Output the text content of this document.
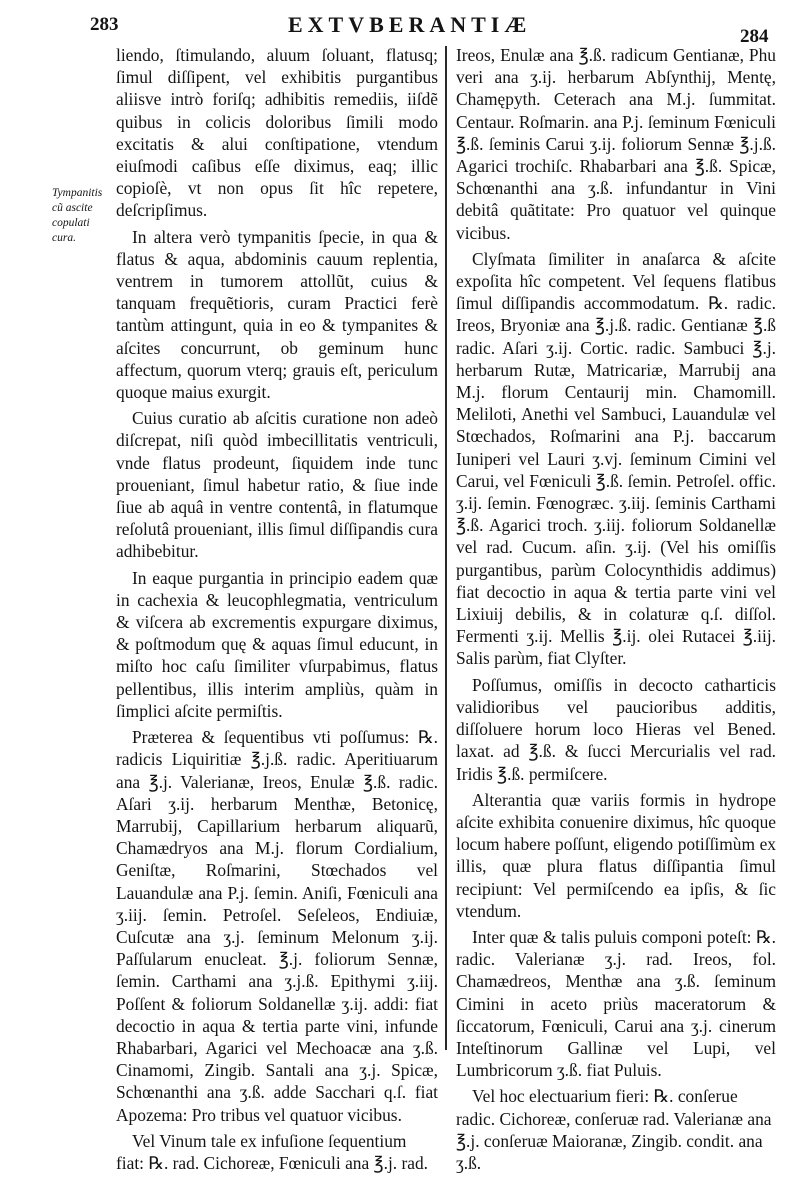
283	EXTVBERANTIÆ	284
Tympanitis cũ ascite copulati cura.

liendo, ſtimulando, aluum ſoluant, flatusq; ſimul diſſipent, vel exhibitis purgantibus aliisve intrò foriſq; adhibitis remediis, iiſdẽ quibus in colicis doloribus ſimili modo excitatis & alui conſtipatione, vtendum eiuſmodi caſibus eſſe diximus, eaq; illic copioſè, vt non opus ſit hîc repetere, deſcripſimus.

In altera verò tympanitis ſpecie, in qua & flatus & aqua, abdominis cauum replentia, ventrem in tumorem attollũt, cuius & tanquam frequẽtioris, curam Practici ferè tantùm attingunt, quia in eo & tympanites & aſcites concurrunt, ob geminum hunc affectum, quorum vterq; grauis eſt, periculum quoque maius exurgit.

Cuius curatio ab aſcitis curatione non adeò diſcrepat, niſi quòd imbecillitatis ventriculi, vnde flatus prodeunt, ſiquidem inde tunc proueniant, ſimul habetur ratio, & ſiue inde ſiue ab aquâ in ventre contentâ, in flatumque reſolutâ proueniant, illis ſimul diſſipandis cura adhibebitur.

In eaque purgantia in principio eadem quæ in cachexia & leucophlegmatia, ventriculum & viſcera ab excrementis expurgare diximus, & poſtmodum quę & aquas ſimul educunt, in miſto hoc caſu ſimiliter vſurpabimus, flatus pellentibus, illis interim ampliùs, quàm in ſimplici aſcite permiſtis.

Præterea & ſequentibus vti poſſumus: ℞. radicis Liquiritiæ ℥.j.ß. radic. Aperitiuarum ana ℥.j. Valerianæ, Ireos, Enulæ ℥.ß. radic. Aſari ʒ.ij. herbarum Menthæ, Betonicę, Marrubij, Capillarium herbarum aliquarũ, Chamædryos ana M.j. florum Cordialium, Geniſtæ, Roſmarini, Stœchados vel Lauandulæ ana P.j. ſemin. Aniſi, Fœniculi ana ʒ.iij. ſemin. Petroſel. Seſeleos, Endiuiæ, Cuſcutæ ana ʒ.j. ſeminum Melonum ʒ.ij. Paſſularum enucleat. ℥.j. foliorum Sennæ, ſemin. Carthami ana ʒ.j.ß. Epithymi ʒ.iij. Poſſent & foliorum Soldanellæ ʒ.ij. addi: fiat decoctio in aqua & tertia parte vini, infunde Rhabarbari, Agarici vel Mechoacæ ana ʒ.ß. Cinamomi, Zingib. Santali ana ʒ.j. Spicæ, Schœnanthi ana ʒ.ß. adde Sacchari q.ſ. fiat Apozema: Pro tribus vel quatuor vicibus.

Vel Vinum tale ex infuſione ſequentium fiat: ℞. rad. Cichoreæ, Fœniculi ana ℥.j. rad.

Ireos, Enulæ ana ℥.ß. radicum Gentianæ, Phu veri ana ʒ.ij. herbarum Abſynthij, Mentę, Chamępyth. Ceterach ana M.j. ſummitat. Centaur. Roſmarin. ana P.j. ſeminum Fœniculi ℥.ß. ſeminis Carui ʒ.ij. foliorum Sennæ ℥.j.ß. Agarici trochiſc. Rhabarbari ana ℥.ß. Spicæ, Schœnanthi ana ʒ.ß. infundantur in Vini debitâ quãtitate: Pro quatuor vel quinque vicibus.

Clyſmata ſimiliter in anaſarca & aſcite expoſita hîc competent. Vel ſequens flatibus ſimul diſſipandis accommodatum. ℞. radic. Ireos, Bryoniæ ana ℥.j.ß. radic. Gentianæ ℥.ß radic. Aſari ʒ.ij. Cortic. radic. Sambuci ℥.j. herbarum Rutæ, Matricariæ, Marrubij ana M.j. florum Centaurij min. Chamomill. Meliloti, Anethi vel Sambuci, Lauandulæ vel Stœchados, Roſmarini ana P.j. baccarum Iuniperi vel Lauri ʒ.vj. ſeminum Cimini vel Carui, vel Fœniculi ℥.ß. ſemin. Petroſel. offic. ʒ.ij. ſemin. Fœnogræc. ʒ.iij. ſeminis Carthami ℥.ß. Agarici troch. ʒ.iij. foliorum Soldanellæ vel rad. Cucum. aſin. ʒ.ij. (Vel his omiſſis purgantibus, parùm Colocynthidis addimus) fiat decoctio in aqua & tertia parte vini vel Lixiuij debilis, & in colaturæ q.ſ. diſſol. Fermenti ʒ.ij. Mellis ℥.ij. olei Rutacei ℥.iij. Salis parùm, fiat Clyſter.

Poſſumus, omiſſis in decocto catharticis validioribus vel paucioribus additis, diſſoluere horum loco Hieras vel Bened. laxat. ad ℥.ß. & ſucci Mercurialis vel rad. Iridis ℥.ß. permiſcere.

Alterantia quæ variis formis in hydrope aſcite exhibita conuenire diximus, hîc quoque locum habere poſſunt, eligendo potiſſimùm ex illis, quæ plura flatus diſſipantia ſimul recipiunt: Vel permiſcendo ea ipſis, & ſic vtendum.

Inter quæ & talis puluis componi poteſt: ℞. radic. Valerianæ ʒ.j. rad. Ireos, fol. Chamædreos, Menthæ ana ʒ.ß. ſeminum Cimini in aceto priùs maceratorum & ſiccatorum, Fœniculi, Carui ana ʒ.j. cinerum Inteſtinorum Gallinæ vel Lupi, vel Lumbricorum ʒ.ß. fiat Puluis.

Vel hoc electuarium fieri: ℞. conſerue radic. Cichoreæ, conſeruæ rad. Valerianæ ana ℥.j. conſeruæ Maioranæ, Zingib. condit. ana ʒ.ß.
